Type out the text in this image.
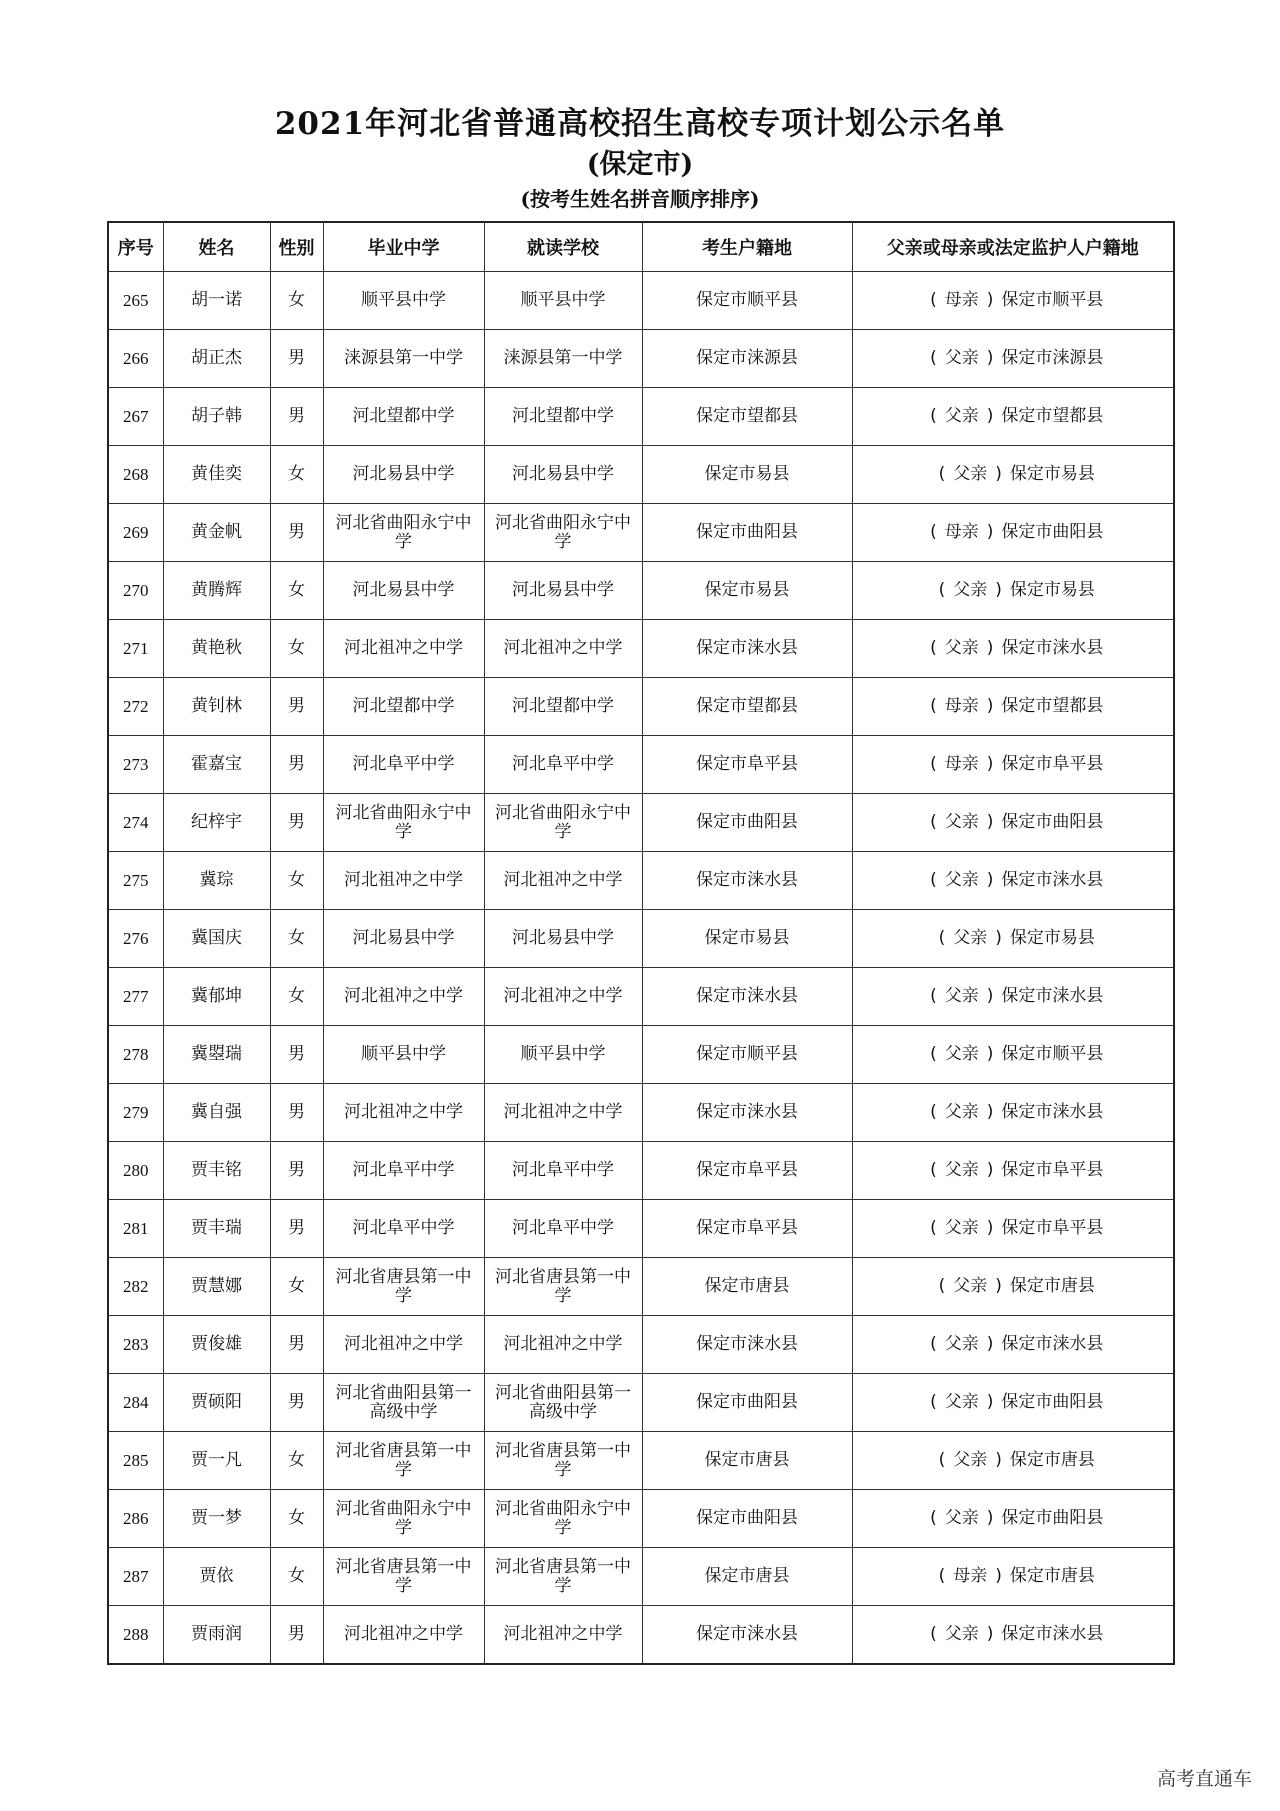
2021年河北省普通高校招生高校专项计划公示名单
(保定市)
(按考生姓名拼音顺序排序)
序号	姓名	性别	毕业中学	就读学校	考生户籍地	父亲或母亲或法定监护人户籍地
265	胡一诺	女	顺平县中学	顺平县中学	保定市顺平县	( 母亲 ) 保定市顺平县
266	胡正杰	男	涞源县第一中学	涞源县第一中学	保定市涞源县	( 父亲 ) 保定市涞源县
267	胡子韩	男	河北望都中学	河北望都中学	保定市望都县	( 父亲 ) 保定市望都县
268	黄佳奕	女	河北易县中学	河北易县中学	保定市易县	( 父亲 ) 保定市易县
269	黄金帆	男	河北省曲阳永宁中学	河北省曲阳永宁中学	保定市曲阳县	( 母亲 ) 保定市曲阳县
270	黄腾辉	女	河北易县中学	河北易县中学	保定市易县	( 父亲 ) 保定市易县
271	黄艳秋	女	河北祖冲之中学	河北祖冲之中学	保定市涞水县	( 父亲 ) 保定市涞水县
272	黄钊林	男	河北望都中学	河北望都中学	保定市望都县	( 母亲 ) 保定市望都县
273	霍嘉宝	男	河北阜平中学	河北阜平中学	保定市阜平县	( 母亲 ) 保定市阜平县
274	纪梓宇	男	河北省曲阳永宁中学	河北省曲阳永宁中学	保定市曲阳县	( 父亲 ) 保定市曲阳县
275	冀琮	女	河北祖冲之中学	河北祖冲之中学	保定市涞水县	( 父亲 ) 保定市涞水县
276	冀国庆	女	河北易县中学	河北易县中学	保定市易县	( 父亲 ) 保定市易县
277	冀郁坤	女	河北祖冲之中学	河北祖冲之中学	保定市涞水县	( 父亲 ) 保定市涞水县
278	冀曌瑞	男	顺平县中学	顺平县中学	保定市顺平县	( 父亲 ) 保定市顺平县
279	冀自强	男	河北祖冲之中学	河北祖冲之中学	保定市涞水县	( 父亲 ) 保定市涞水县
280	贾丰铭	男	河北阜平中学	河北阜平中学	保定市阜平县	( 父亲 ) 保定市阜平县
281	贾丰瑞	男	河北阜平中学	河北阜平中学	保定市阜平县	( 父亲 ) 保定市阜平县
282	贾慧娜	女	河北省唐县第一中学	河北省唐县第一中学	保定市唐县	( 父亲 ) 保定市唐县
283	贾俊雄	男	河北祖冲之中学	河北祖冲之中学	保定市涞水县	( 父亲 ) 保定市涞水县
284	贾硕阳	男	河北省曲阳县第一高级中学	河北省曲阳县第一高级中学	保定市曲阳县	( 父亲 ) 保定市曲阳县
285	贾一凡	女	河北省唐县第一中学	河北省唐县第一中学	保定市唐县	( 父亲 ) 保定市唐县
286	贾一梦	女	河北省曲阳永宁中学	河北省曲阳永宁中学	保定市曲阳县	( 父亲 ) 保定市曲阳县
287	贾依	女	河北省唐县第一中学	河北省唐县第一中学	保定市唐县	( 母亲 ) 保定市唐县
288	贾雨润	男	河北祖冲之中学	河北祖冲之中学	保定市涞水县	( 父亲 ) 保定市涞水县
高考直通车
